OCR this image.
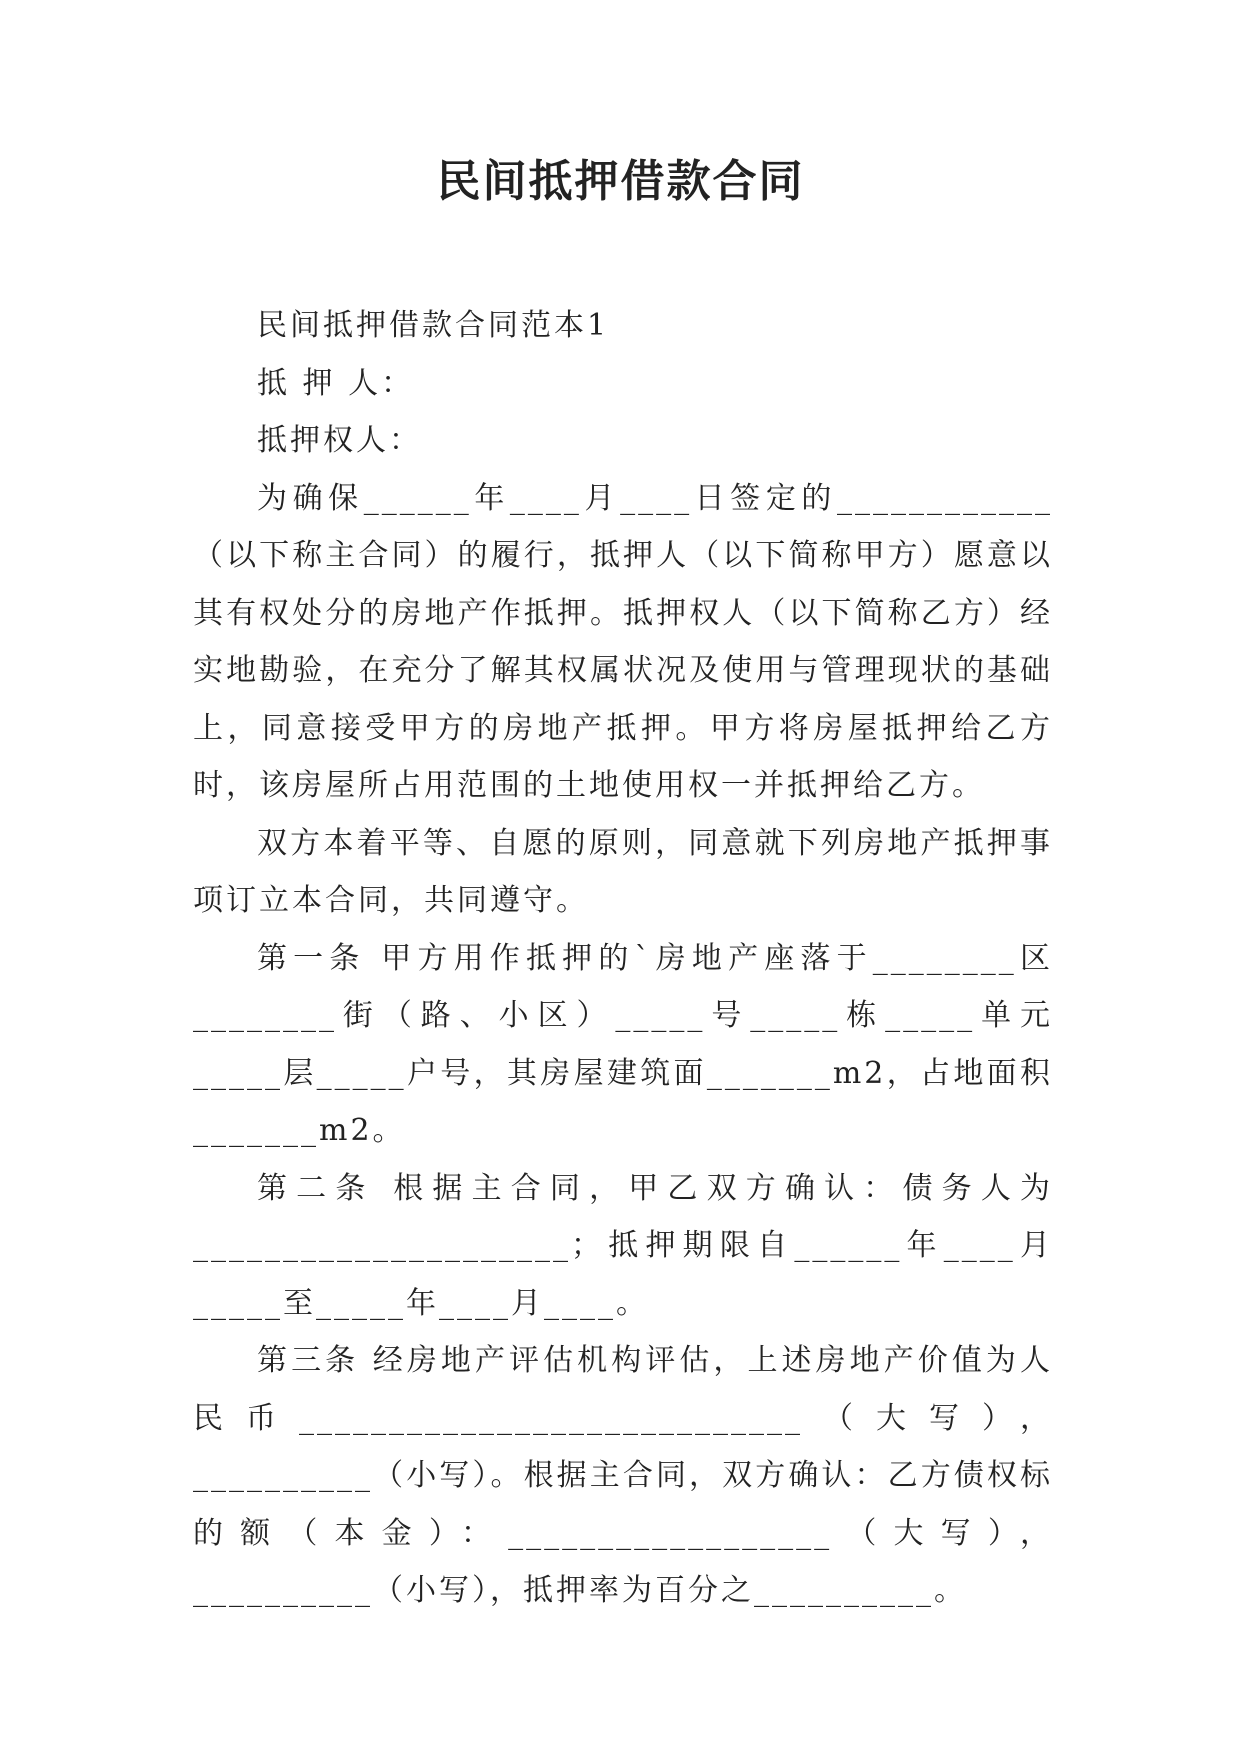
民间抵押借款合同

民间抵押借款合同范本1

抵 押 人：

抵押权人：

为确保______年____月____日签定的____________（以下称主合同）的履行，抵押人（以下简称甲方）愿意以其有权处分的房地产作抵押。抵押权人（以下简称乙方）经实地勘验，在充分了解其权属状况及使用与管理现状的基础上，同意接受甲方的房地产抵押。甲方将房屋抵押给乙方时，该房屋所占用范围的土地使用权一并抵押给乙方。

双方本着平等、自愿的原则，同意就下列房地产抵押事项订立本合同，共同遵守。

第一条 甲方用作抵押的`房地产座落于________区________街（路、小区）_____号_____栋_____单元_____层_____户号，其房屋建筑面_______m2，占地面积_______m2。

第二条 根据主合同，甲乙双方确认：债务人为_____________________；抵押期限自______年____月_____至_____年____月____。

第三条 经房地产评估机构评估，上述房地产价值为人民币____________________________（大写），__________（小写）。根据主合同，双方确认：乙方债权标的额（本金）：__________________（大写），__________（小写），抵押率为百分之__________。
